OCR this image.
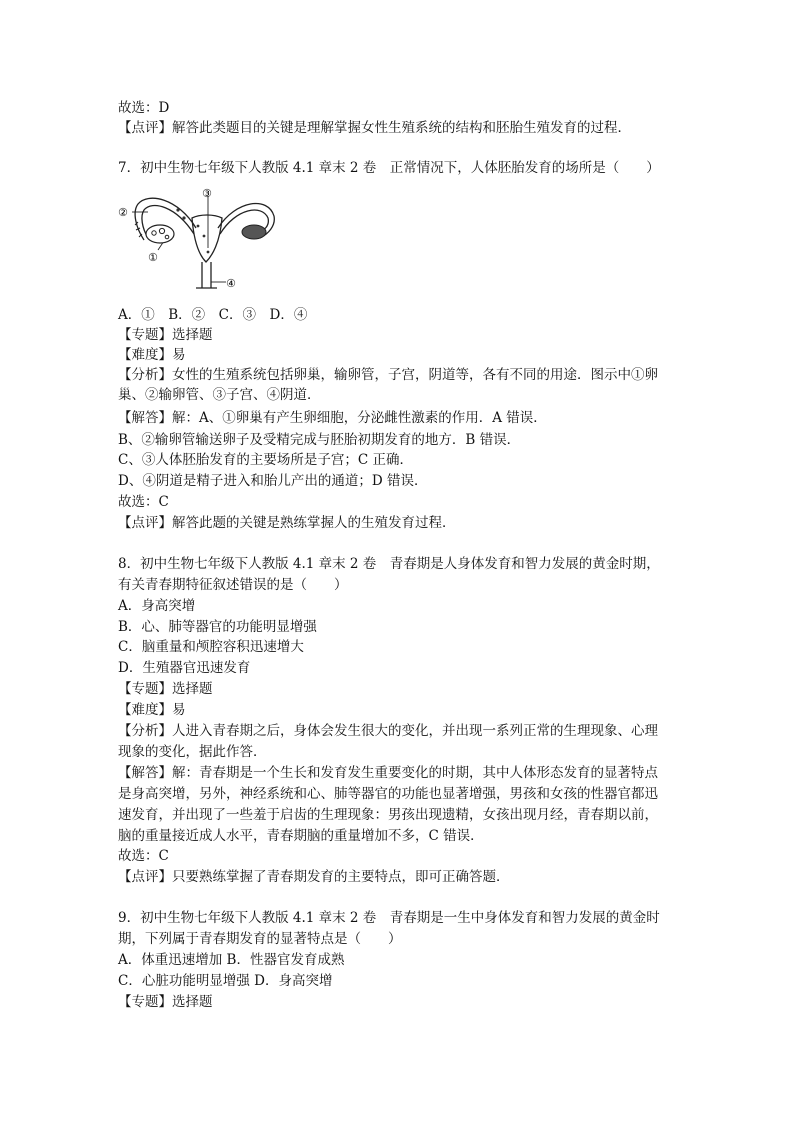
故选：D
【点评】解答此类题目的关键是理解掌握女性生殖系统的结构和胚胎生殖发育的过程．
7．初中生物七年级下人教版 4.1 章末 2 卷　正常情况下，人体胚胎发育的场所是（　　）
②
③
①
④
A．①　B．②　C．③　D．④
【专题】选择题
【难度】易
【分析】女性的生殖系统包括卵巢，输卵管，子宫，阴道等，各有不同的用途．图示中①卵
巢、②输卵管、③子宫、④阴道．
【解答】解：A、①卵巢有产生卵细胞，分泌雌性激素的作用．A 错误．
B、②输卵管输送卵子及受精完成与胚胎初期发育的地方．B 错误．
C、③人体胚胎发育的主要场所是子宫；C 正确．
D、④阴道是精子进入和胎儿产出的通道；D 错误．
故选：C
【点评】解答此题的关键是熟练掌握人的生殖发育过程．
8．初中生物七年级下人教版 4.1 章末 2 卷　青春期是人身体发育和智力发展的黄金时期，
有关青春期特征叙述错误的是（　　）
A．身高突增
B．心、肺等器官的功能明显增强
C．脑重量和颅腔容积迅速增大
D．生殖器官迅速发育
【专题】选择题
【难度】易
【分析】人进入青春期之后，身体会发生很大的变化，并出现一系列正常的生理现象、心理
现象的变化，据此作答．
【解答】解：青春期是一个生长和发育发生重要变化的时期，其中人体形态发育的显著特点
是身高突增，另外，神经系统和心、肺等器官的功能也显著增强，男孩和女孩的性器官都迅
速发育，并出现了一些羞于启齿的生理现象：男孩出现遗精，女孩出现月经，青春期以前，
脑的重量接近成人水平，青春期脑的重量增加不多，C 错误．
故选：C
【点评】只要熟练掌握了青春期发育的主要特点，即可正确答题．
9．初中生物七年级下人教版 4.1 章末 2 卷　青春期是一生中身体发育和智力发展的黄金时
期，下列属于青春期发育的显著特点是（　　）
A．体重迅速增加 B．性器官发育成熟
C．心脏功能明显增强 D．身高突增
【专题】选择题
